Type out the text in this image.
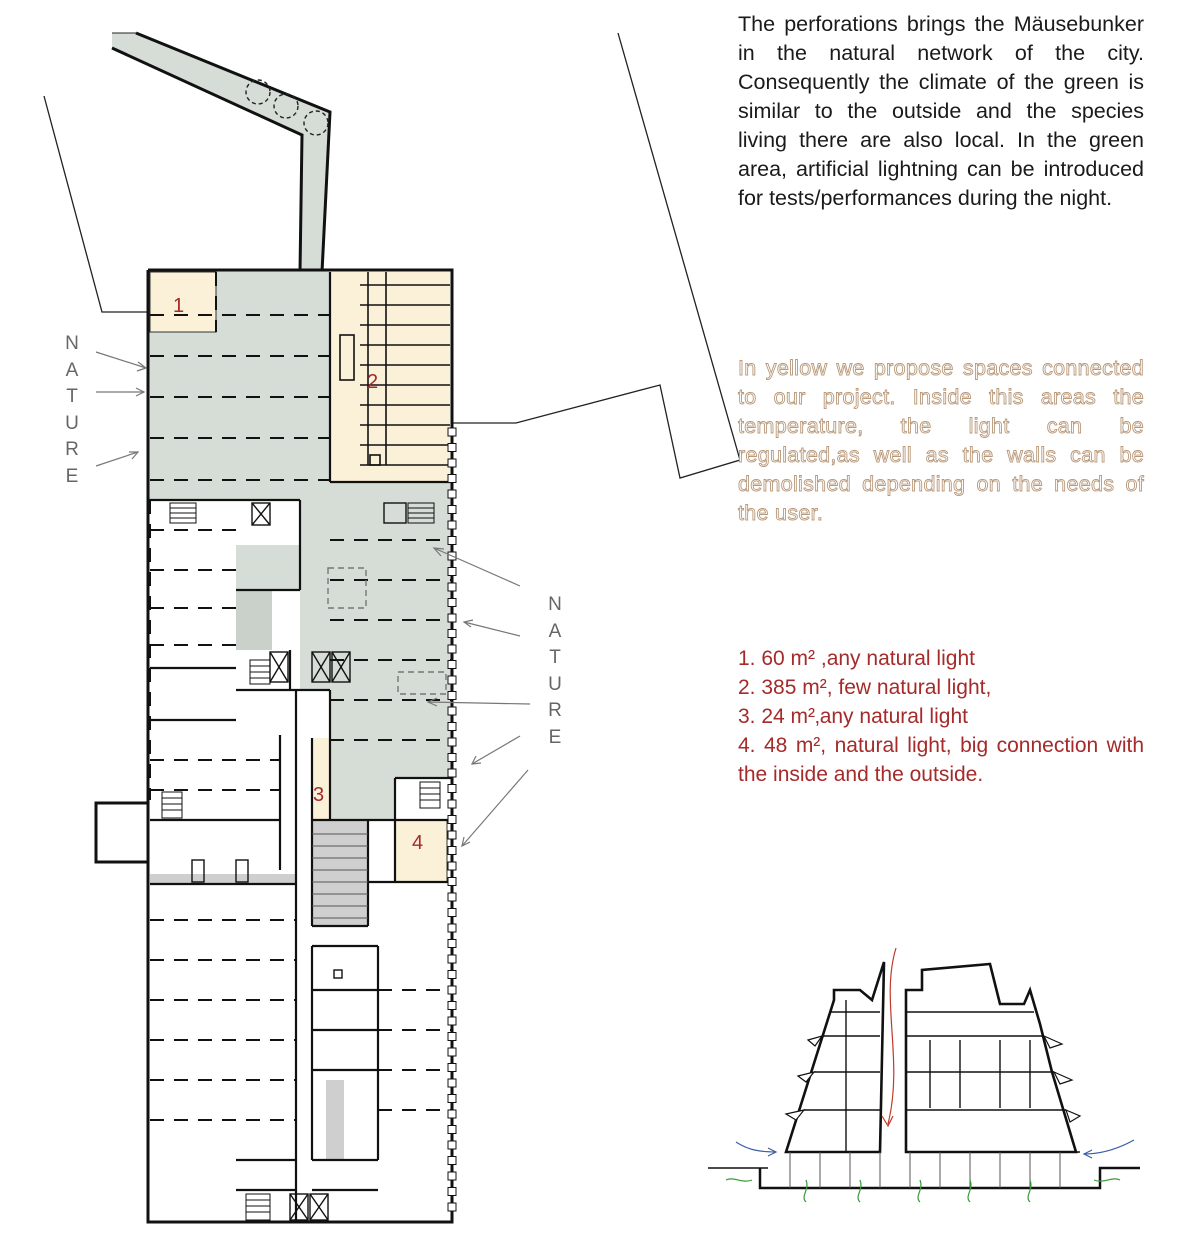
1
2
3
4
The perforations brings the Mäusebunker in the natural network of the city. Consequently the climate of the green is similar to the outside and the species living there are also local. In the green area, artificial lightning can be introduced for tests/performances during the night.
In yellow we propose spaces connected to our project. Inside this areas the temperature, the light can be regulated,as well as the walls can be demolished depending on the needs of the user.
1. 60 m² ,any natural light
2. 385 m², few natural light,
3. 24 m²‚any natural light
4. 48 m², natural light, big connection with the inside and the outside.
N
A
T
U
R
E
N
A
T
U
R
E
